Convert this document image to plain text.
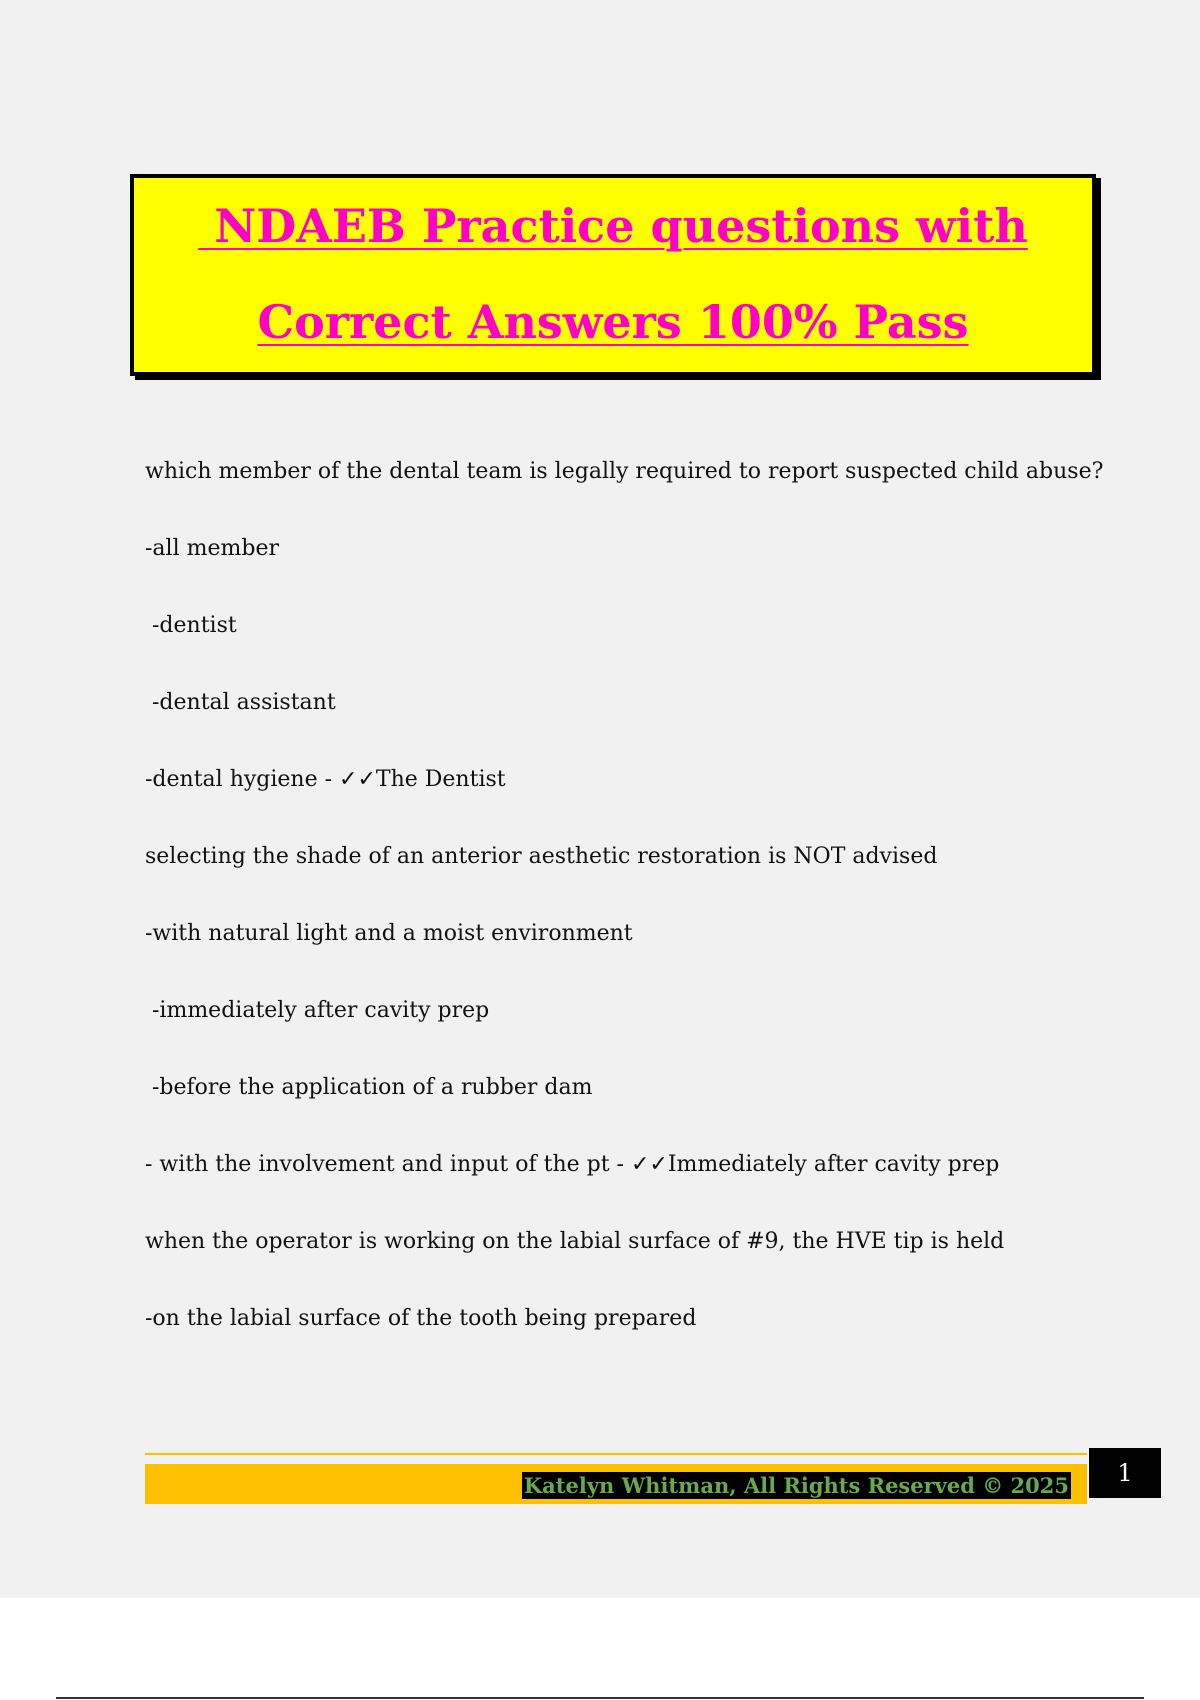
NDAEB Practice questions with
Correct Answers 100% Pass
which member of the dental team is legally required to report suspected child abuse?
-all member
-dentist
-dental assistant
-dental hygiene - ✓✓The Dentist
selecting the shade of an anterior aesthetic restoration is NOT advised
-with natural light and a moist environment
-immediately after cavity prep
-before the application of a rubber dam
- with the involvement and input of the pt - ✓✓Immediately after cavity prep
when the operator is working on the labial surface of #9, the HVE tip is held
-on the labial surface of the tooth being prepared
Katelyn Whitman, All Rights Reserved © 2025	1
